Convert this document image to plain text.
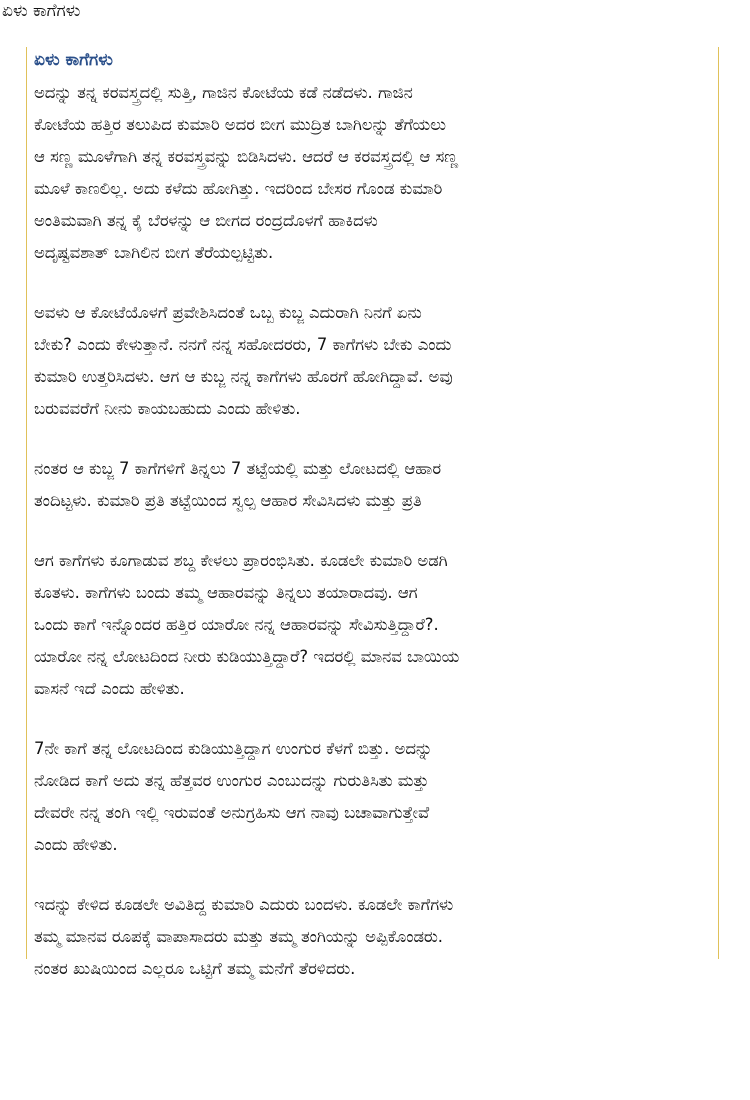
ಏಳು ಕಾಗೆಗಳು
ಏಳು ಕಾಗೆಗಳು

ಅದನ್ನು ತನ್ನ ಕರವಸ್ತ್ರದಲ್ಲಿ ಸುತ್ತಿ, ಗಾಜಿನ ಕೋಟೆಯ ಕಡೆ ನಡೆದಳು. ಗಾಜಿನ
ಕೋಟೆಯ ಹತ್ತಿರ ತಲುಪಿದ ಕುಮಾರಿ ಅದರ ಬೀಗ ಮುದ್ರಿತ ಬಾಗಿಲನ್ನು ತೆಗೆಯಲು
ಆ ಸಣ್ಣ ಮೂಳೆಗಾಗಿ ತನ್ನ ಕರವಸ್ತ್ರವನ್ನು ಬಿಡಿಸಿದಳು. ಆದರೆ ಆ ಕರವಸ್ತ್ರದಲ್ಲಿ ಆ ಸಣ್ಣ
ಮೂಳೆ ಕಾಣಲಿಲ್ಲ. ಅದು ಕಳೆದು ಹೋಗಿತ್ತು. ಇದರಿಂದ ಬೇಸರ ಗೊಂಡ ಕುಮಾರಿ
ಅಂತಿಮವಾಗಿ ತನ್ನ ಕೈ ಬೆರಳನ್ನು ಆ ಬೀಗದ ರಂದ್ರದೊಳಗೆ ಹಾಕಿದಳು
ಅದೃಷ್ಟವಶಾತ್ ಬಾಗಿಲಿನ ಬೀಗ ತೆರೆಯಲ್ಪಟ್ಟಿತು.

ಅವಳು ಆ ಕೋಟೆಯೊಳಗೆ ಪ್ರವೇಶಿಸಿದಂತೆ ಒಬ್ಬ ಕುಬ್ಜ ಎದುರಾಗಿ ನಿನಗೆ ಏನು
ಬೇಕು? ಎಂದು ಕೇಳುತ್ತಾನೆ. ನನಗೆ ನನ್ನ ಸಹೋದರರು, 7 ಕಾಗೆಗಳು ಬೇಕು ಎಂದು
ಕುಮಾರಿ ಉತ್ತರಿಸಿದಳು. ಆಗ ಆ ಕುಬ್ಜ ನನ್ನ ಕಾಗೆಗಳು ಹೊರಗೆ ಹೋಗಿದ್ದಾವೆ. ಅವು
ಬರುವವರೆಗೆ ನೀನು ಕಾಯಬಹುದು ಎಂದು ಹೇಳಿತು.

ನಂತರ ಆ ಕುಬ್ಜ 7 ಕಾಗೆಗಳಿಗೆ ತಿನ್ನಲು 7 ತಟ್ಟೆಯಲ್ಲಿ ಮತ್ತು ಲೋಟದಲ್ಲಿ ಆಹಾರ
ತಂದಿಟ್ಟಳು. ಕುಮಾರಿ ಪ್ರತಿ ತಟ್ಟೆಯಿಂದ ಸ್ವಲ್ಪ ಆಹಾರ ಸೇವಿಸಿದಳು ಮತ್ತು ಪ್ರತಿ

ಆಗ ಕಾಗೆಗಳು ಕೂಗಾಡುವ ಶಬ್ದ ಕೇಳಲು ಪ್ರಾರಂಭಿಸಿತು. ಕೂಡಲೇ ಕುಮಾರಿ ಅಡಗಿ
ಕೂತಳು. ಕಾಗೆಗಳು ಬಂದು ತಮ್ಮ ಆಹಾರವನ್ನು ತಿನ್ನಲು ತಯಾರಾದವು. ಆಗ
ಒಂದು ಕಾಗೆ ಇನ್ನೊಂದರ ಹತ್ತಿರ ಯಾರೋ ನನ್ನ ಆಹಾರವನ್ನು ಸೇವಿಸುತ್ತಿದ್ದಾರೆ?.
ಯಾರೋ ನನ್ನ ಲೋಟದಿಂದ ನೀರು ಕುಡಿಯುತ್ತಿದ್ದಾರೆ? ಇದರಲ್ಲಿ ಮಾನವ ಬಾಯಿಯ
ವಾಸನೆ ಇದೆ ಎಂದು ಹೇಳಿತು.

7ನೇ ಕಾಗೆ ತನ್ನ ಲೋಟದಿಂದ ಕುಡಿಯುತ್ತಿದ್ದಾಗ ಉಂಗುರ ಕೆಳಗೆ ಬಿತ್ತು. ಅದನ್ನು
ನೋಡಿದ ಕಾಗೆ ಅದು ತನ್ನ ಹೆತ್ತವರ ಉಂಗುರ ಎಂಬುದನ್ನು ಗುರುತಿಸಿತು ಮತ್ತು
ದೇವರೇ ನನ್ನ ತಂಗಿ ಇಲ್ಲಿ ಇರುವಂತೆ ಅನುಗ್ರಹಿಸು ಆಗ ನಾವು ಬಚಾವಾಗುತ್ತೇವೆ
ಎಂದು ಹೇಳಿತು.

ಇದನ್ನು ಕೇಳಿದ ಕೂಡಲೇ ಅವಿತಿದ್ದ ಕುಮಾರಿ ಎದುರು ಬಂದಳು. ಕೂಡಲೇ ಕಾಗೆಗಳು
ತಮ್ಮ ಮಾನವ ರೂಪಕ್ಕೆ ವಾಪಾಸಾದರು ಮತ್ತು ತಮ್ಮ ತಂಗಿಯನ್ನು ಅಪ್ಪಿಕೊಂಡರು.
ನಂತರ ಖುಷಿಯಿಂದ ಎಲ್ಲರೂ ಒಟ್ಟಿಗೆ ತಮ್ಮ ಮನೆಗೆ ತೆರಳಿದರು.
